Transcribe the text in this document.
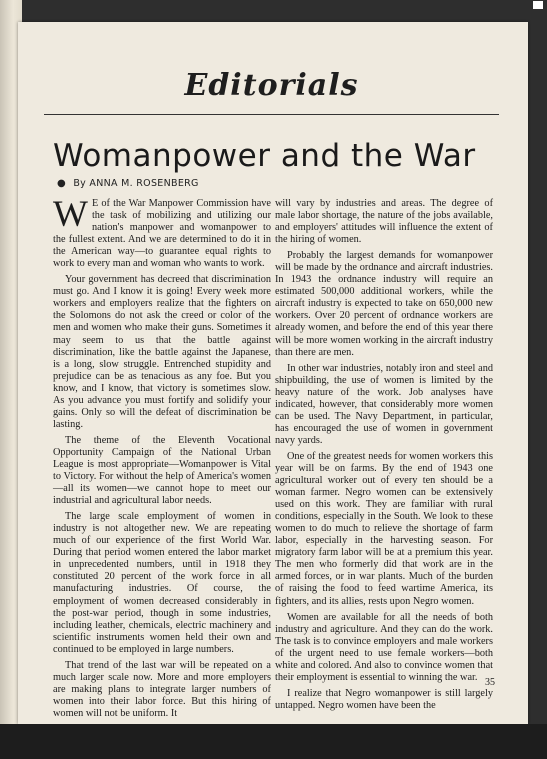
Editorials
Womanpower and the War
● By ANNA M. ROSENBERG

W E of the War Manpower Commission have the task of mobilizing and utilizing our nation's manpower and womanpower to the fullest extent. And we are determined to do it in the American way—to guarantee equal rights to work to every man and woman who wants to work.

Your government has decreed that discrimination must go. And I know it is going! Every week more workers and employers realize that the fighters on the Solomons do not ask the creed or color of the men and women who make their guns. Sometimes it may seem to us that the battle against discrimination, like the battle against the Japanese, is a long, slow struggle. Entrenched stupidity and prejudice can be as tenacious as any foe. But you know, and I know, that victory is sometimes slow. As you advance you must fortify and solidify your gains. Only so will the defeat of discrimination be lasting.

The theme of the Eleventh Vocational Opportunity Campaign of the National Urban League is most appropriate—Womanpower is Vital to Victory. For without the help of America's women—all its women—we cannot hope to meet our industrial and agricultural labor needs.

The large scale employment of women in industry is not altogether new. We are repeating much of our experience of the first World War. During that period women entered the labor market in unprecedented numbers, until in 1918 they constituted 20 percent of the work force in all manufacturing industries. Of course, the employment of women decreased considerably in the post-war period, though in some industries, including leather, chemicals, electric machinery and scientific instruments women held their own and continued to be employed in large numbers.

That trend of the last war will be repeated on a much larger scale now. More and more employers are making plans to integrate larger numbers of women into their labor force. But this hiring of women will not be uniform. It

will vary by industries and areas. The degree of male labor shortage, the nature of the jobs available, and employers' attitudes will influence the extent of the hiring of women.

Probably the largest demands for womanpower will be made by the ordnance and aircraft industries. In 1943 the ordnance industry will require an estimated 500,000 additional workers, while the aircraft industry is expected to take on 650,000 new workers. Over 20 percent of ordnance workers are already women, and before the end of this year there will be more women working in the aircraft industry than there are men.

In other war industries, notably iron and steel and shipbuilding, the use of women is limited by the heavy nature of the work. Job analyses have indicated, however, that considerably more women can be used. The Navy Department, in particular, has encouraged the use of women in government navy yards.

One of the greatest needs for women workers this year will be on farms. By the end of 1943 one agricultural worker out of every ten should be a woman farmer. Negro women can be extensively used on this work. They are familiar with rural conditions, especially in the South. We look to these women to do much to relieve the shortage of farm labor, especially in the harvesting season. For migratory farm labor will be at a premium this year. The men who formerly did that work are in the armed forces, or in war plants. Much of the burden of raising the food to feed wartime America, its fighters, and its allies, rests upon Negro women.

Women are available for all the needs of both industry and agriculture. And they can do the work. The task is to convince employers and male workers of the urgent need to use female workers—both white and colored. And also to convince women that their employment is essential to winning the war.

I realize that Negro womanpower is still largely untapped. Negro women have been the

35
